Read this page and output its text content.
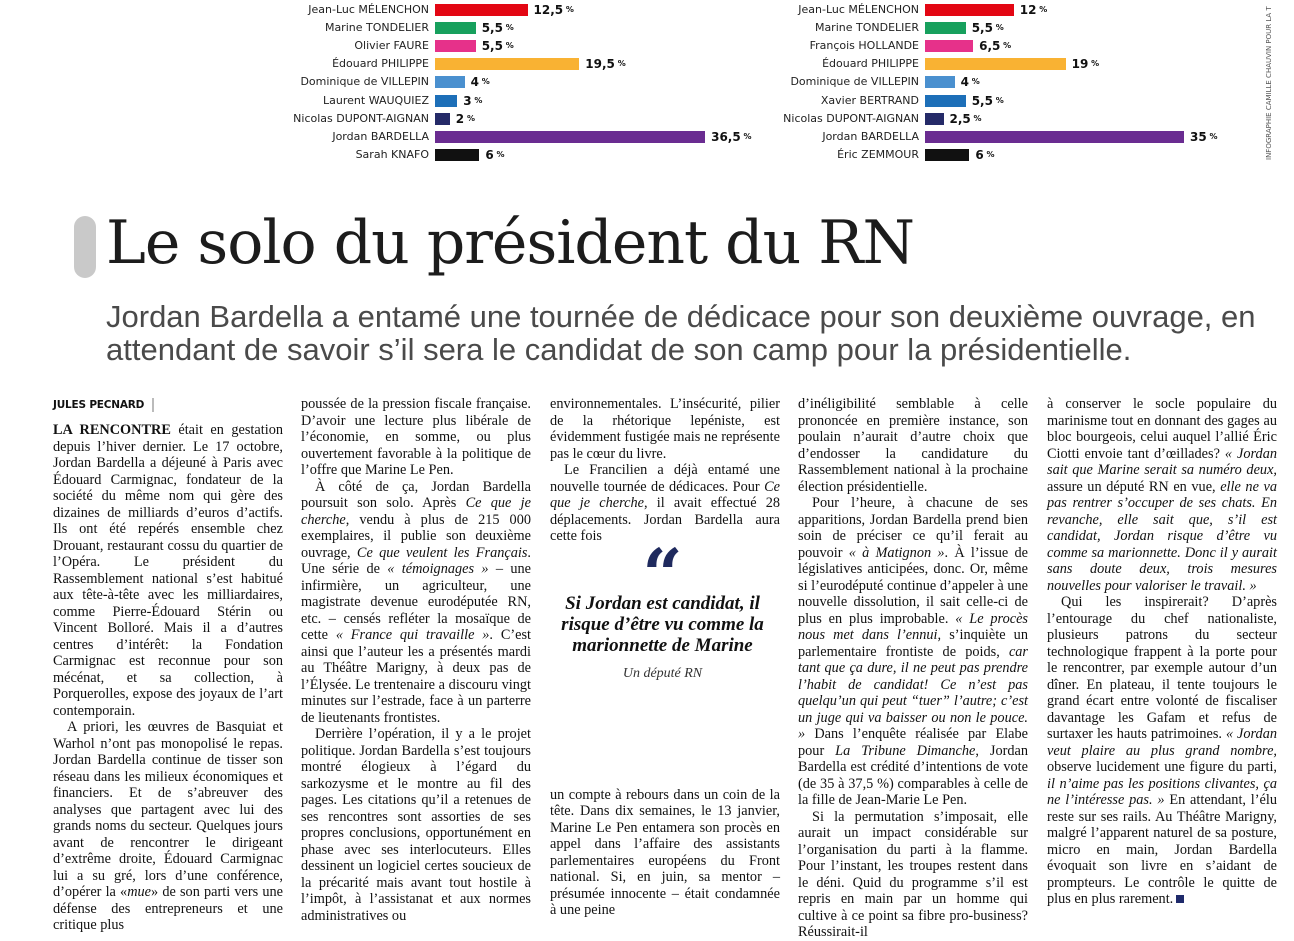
Jean-Luc MÉLENCHON	12,5 %
Marine TONDELIER	5,5 %
Olivier FAURE	5,5 %
Édouard PHILIPPE	19,5 %
Dominique de VILLEPIN	4 %
Laurent WAUQUIEZ	3 %
Nicolas DUPONT-AIGNAN 2 %
Jordan BARDELLA	36,5 %
Sarah KNAFO	6 %
Jean-Luc MÉLENCHON	12 %
Marine TONDELIER	5,5 %
François HOLLANDE	6,5 %
Édouard PHILIPPE	19 %
Dominique de VILLEPIN	4 %
Xavier BERTRAND	5,5 %
Nicolas DUPONT-AIGNAN	2,5 %
Jordan BARDELLA	35 %
Éric ZEMMOUR	6 %	INFOGRAPHIE CAMILLE CHAUVIN POUR LA T
Le solo du président du RN

Jordan Bardella a entamé une tournée de dédicace pour son deuxième ouvrage, en attendant de savoir s’il sera le candidat de son camp pour la présidentielle.

JULES PECNARD

LA RENCONTRE était en gestation depuis l’hiver dernier. Le 17 octobre, Jordan Bardella a déjeuné à Paris avec Édouard Carmignac, fondateur de la société du même nom qui gère des dizaines de milliards d’euros d’actifs. Ils ont été repérés ensemble chez Drouant, restaurant cossu du quartier de l’Opéra. Le président du Rassemblement national s’est habitué aux tête-à-tête avec les milliardaires, comme Pierre-Édouard Stérin ou Vincent Bolloré. Mais il a d’autres centres d’intérêt: la Fondation Carmignac est reconnue pour son mécénat, et sa collection, à Porquerolles, expose des joyaux de l’art contemporain.

A priori, les œuvres de Basquiat et Warhol n’ont pas monopolisé le repas. Jordan Bardella continue de tisser son réseau dans les milieux économiques et financiers. Et de s’abreuver des analyses que partagent avec lui des grands noms du secteur. Quelques jours avant de rencontrer le dirigeant d’extrême droite, Édouard Carmignac lui a su gré, lors d’une conférence, d’opérer la «mue» de son parti vers une défense des entrepreneurs et une critique plus

poussée de la pression fiscale française. D’avoir une lecture plus libérale de l’économie, en somme, ou plus ouvertement favorable à la politique de l’offre que Marine Le Pen.

À côté de ça, Jordan Bardella poursuit son solo. Après Ce que je cherche, vendu à plus de 215 000 exemplaires, il publie son deuxième ouvrage, Ce que veulent les Français. Une série de « témoignages » – une infirmière, un agriculteur, une magistrate devenue eurodéputée RN, etc. – censés refléter la mosaïque de cette « France qui travaille ». C’est ainsi que l’auteur les a présentés mardi au Théâtre Marigny, à deux pas de l’Élysée. Le trentenaire a discouru vingt minutes sur l’estrade, face à un parterre de lieutenants frontistes.

Derrière l’opération, il y a le projet politique. Jordan Bardella s’est toujours montré élogieux à l’égard du sarkozysme et le montre au fil des pages. Les citations qu’il a retenues de ses rencontres sont assorties de ses propres conclusions, opportunément en phase avec ses interlocuteurs. Elles dessinent un logiciel certes soucieux de la précarité mais avant tout hostile à l’impôt, à l’assistanat et aux normes administratives ou

environnementales. L’insécurité, pilier de la rhétorique lepéniste, est évidemment fustigée mais ne représente pas le cœur du livre.

Le Francilien a déjà entamé une nouvelle tournée de dédicaces. Pour Ce que je cherche, il avait effectué 28 déplacements. Jordan Bardella aura cette fois

un compte à rebours dans un coin de la tête. Dans dix semaines, le 13 janvier, Marine Le Pen entamera son procès en appel dans l’affaire des assistants parlementaires européens du Front national. Si, en juin, sa mentor – présumée innocente – était condamnée à une peine

“
Si Jordan est candidat, il risque d’être vu comme la marionnette de Marine
Un député RN

d’inéligibilité semblable à celle prononcée en première instance, son poulain n’aurait d’autre choix que d’endosser la candidature du Rassemblement national à la prochaine élection présidentielle.

Pour l’heure, à chacune de ses apparitions, Jordan Bardella prend bien soin de préciser ce qu’il ferait au pouvoir « à Matignon ». À l’issue de législatives anticipées, donc. Or, même si l’eurodéputé continue d’appeler à une nouvelle dissolution, il sait celle-ci de plus en plus improbable. « Le procès nous met dans l’ennui, s’inquiète un parlementaire frontiste de poids, car tant que ça dure, il ne peut pas prendre l’habit de candidat! Ce n’est pas quelqu’un qui peut “tuer” l’autre; c’est un juge qui va baisser ou non le pouce. » Dans l’enquête réalisée par Elabe pour La Tribune Dimanche, Jordan Bardella est crédité d’intentions de vote (de 35 à 37,5 %) comparables à celle de la fille de Jean-Marie Le Pen.

Si la permutation s’imposait, elle aurait un impact considérable sur l’organisation du parti à la flamme. Pour l’instant, les troupes restent dans le déni. Quid du programme s’il est repris en main par un homme qui cultive à ce point sa fibre pro-business? Réussirait-il

à conserver le socle populaire du marinisme tout en donnant des gages au bloc bourgeois, celui auquel l’allié Éric Ciotti envoie tant d’œillades? « Jordan sait que Marine serait sa numéro deux, assure un député RN en vue, elle ne va pas rentrer s’occuper de ses chats. En revanche, elle sait que, s’il est candidat, Jordan risque d’être vu comme sa marionnette. Donc il y aurait sans doute deux, trois mesures nouvelles pour valoriser le travail. »

Qui les inspirerait? D’après l’entourage du chef nationaliste, plusieurs patrons du secteur technologique frappent à la porte pour le rencontrer, par exemple autour d’un dîner. En plateau, il tente toujours le grand écart entre volonté de fiscaliser davantage les Gafam et refus de surtaxer les hauts patrimoines. « Jordan veut plaire au plus grand nombre, observe lucidement une figure du parti, il n’aime pas les positions clivantes, ça ne l’intéresse pas. » En attendant, l’élu reste sur ses rails. Au Théâtre Marigny, malgré l’apparent naturel de sa posture, micro en main, Jordan Bardella évoquait son livre en s’aidant de prompteurs. Le contrôle le quitte de plus en plus rarement.
